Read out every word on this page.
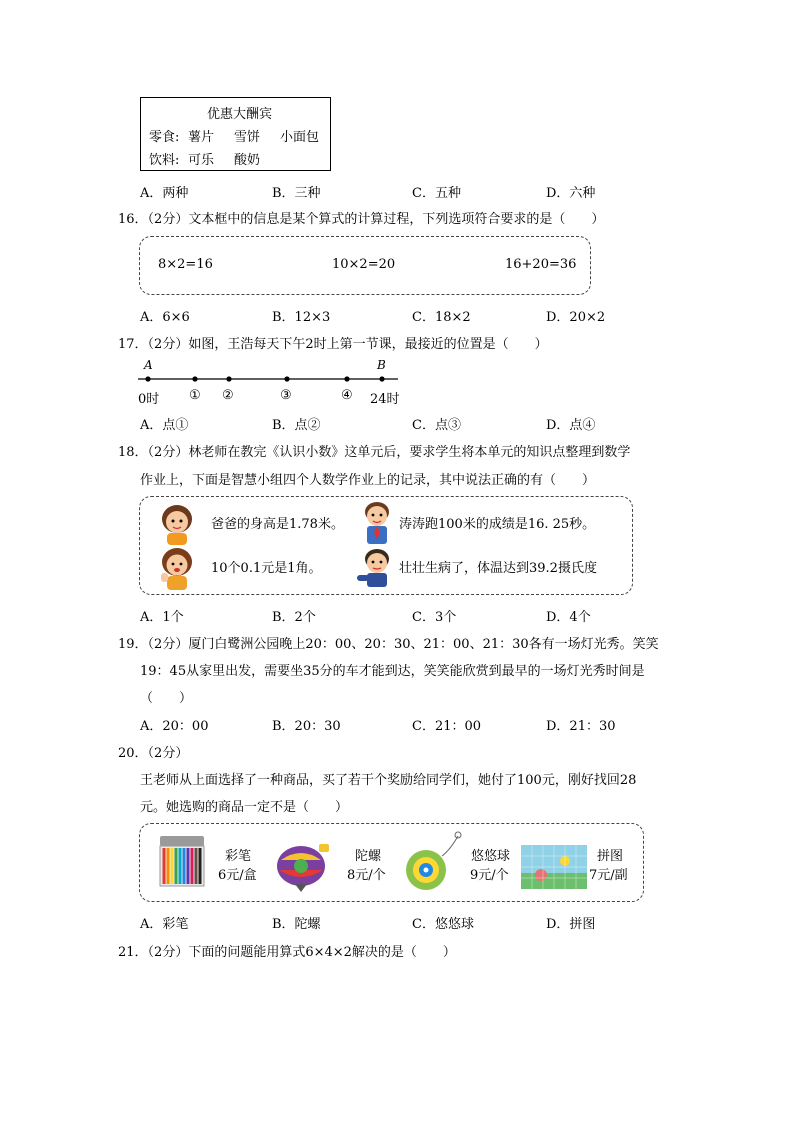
优惠大酬宾
零食: 薯片 雪饼 小面包
饮料: 可乐 酸奶
A．两种	B．三种	C．五种	D．六种
16．（2分）文本框中的信息是某个算式的计算过程，下列选项符合要求的是（　　）
8×2=16	10×2=20	16+20=36
A．6×6	B．12×3	C．18×2	D．20×2
17．（2分）如图，王浩每天下午2时上第一节课，最接近的位置是（　　）
A	B
0时 ① ②	③	④ 24时
A．点①	B．点②	C．点③	D．点④
18．（2分）林老师在教完《认识小数》这单元后，要求学生将本单元的知识点整理到数学
作业上，下面是智慧小组四个人数学作业上的记录，其中说法正确的有（　　）
爸爸的身高是1.78米。	涛涛跑100米的成绩是16. 25秒。
10个0.1元是1角。	壮壮生病了，体温达到39.2摄氏度
A．1个	B．2个	C．3个	D．4个
19．（2分）厦门白鹭洲公园晚上20：00、20：30、21：00、21：30各有一场灯光秀。笑笑
19：45从家里出发，需要坐35分的车才能到达，笑笑能欣赏到最早的一场灯光秀时间是
（　　）
A．20：00	B．20：30	C．21：00	D．21：30
20．（2分）
王老师从上面选择了一种商品，买了若干个奖励给同学们，她付了100元，刚好找回28
元。她选购的商品一定不是（　　）
彩笔
6元/盒
陀螺
8元/个
悠悠球
9元/个
拼图
7元/副
A．彩笔	B．陀螺	C．悠悠球	D．拼图
21．（2分）下面的问题能用算式6×4×2解决的是（　　）
